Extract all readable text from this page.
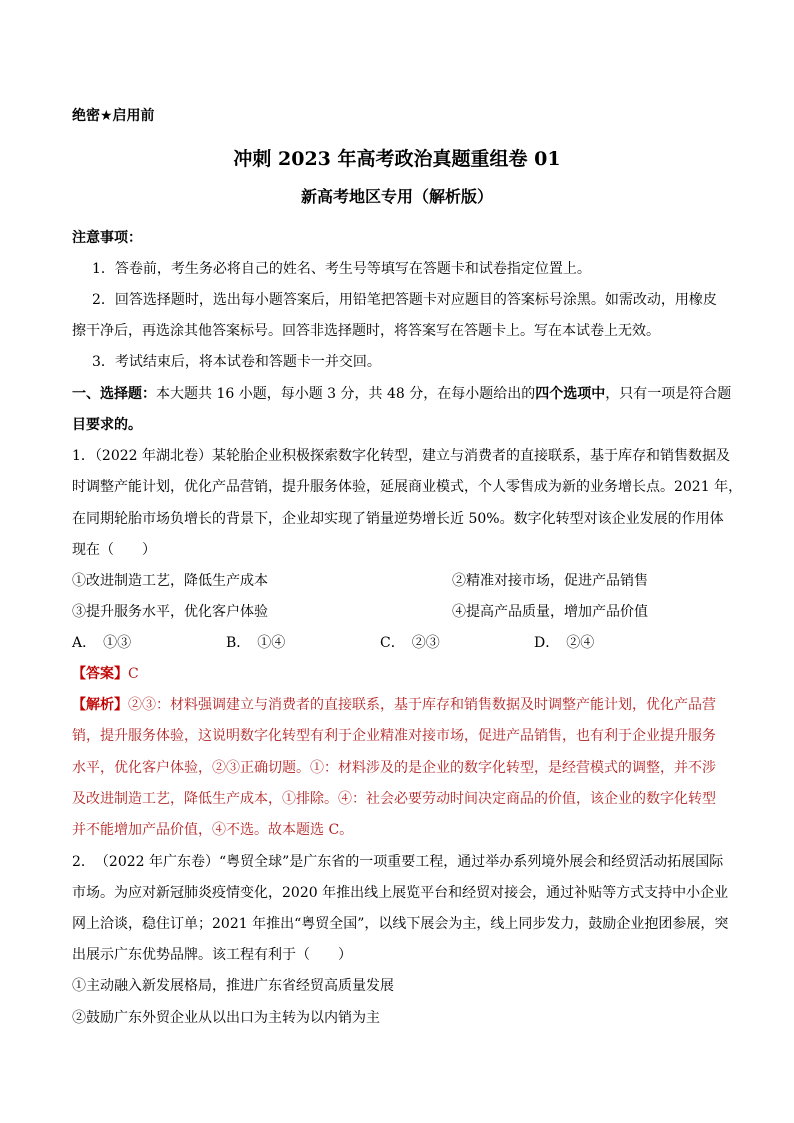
绝密★启用前
冲刺 2023 年高考政治真题重组卷 01
新高考地区专用（解析版）
注意事项：
1．答卷前，考生务必将自己的姓名、考生号等填写在答题卡和试卷指定位置上。
2．回答选择题时，选出每小题答案后，用铅笔把答题卡对应题目的答案标号涂黑。如需改动，用橡皮
擦干净后，再选涂其他答案标号。回答非选择题时，将答案写在答题卡上。写在本试卷上无效。
3．考试结束后，将本试卷和答题卡一并交回。
一、选择题：本大题共 16 小题，每小题 3 分，共 48 分，在每小题给出的四个选项中，只有一项是符合题
目要求的。
1．（2022 年湖北卷）某轮胎企业积极探索数字化转型，建立与消费者的直接联系，基于库存和销售数据及
时调整产能计划，优化产品营销，提升服务体验，延展商业模式，个人零售成为新的业务增长点。2021 年，
在同期轮胎市场负增长的背景下，企业却实现了销量逆势增长近 50%。数字化转型对该企业发展的作用体
现在（　　）
①改进制造工艺，降低生产成本	②精准对接市场，促进产品销售
③提升服务水平，优化客户体验	④提高产品质量，增加产品价值
A．　①③	B．　①④	C．　②③	D．　②④
【答案】C
【解析】②③：材料强调建立与消费者的直接联系，基于库存和销售数据及时调整产能计划，优化产品营
销，提升服务体验，这说明数字化转型有利于企业精准对接市场，促进产品销售，也有利于企业提升服务
水平，优化客户体验，②③正确切题。①：材料涉及的是企业的数字化转型，是经营模式的调整，并不涉
及改进制造工艺，降低生产成本，①排除。④：社会必要劳动时间决定商品的价值，该企业的数字化转型
并不能增加产品价值，④不选。故本题选 C。
2．　（2022 年广东卷）“粤贸全球”是广东省的一项重要工程，通过举办系列境外展会和经贸活动拓展国际
市场。为应对新冠肺炎疫情变化，2020 年推出线上展览平台和经贸对接会，通过补贴等方式支持中小企业
网上洽谈，稳住订单；2021 年推出“粤贸全国”，以线下展会为主，线上同步发力，鼓励企业抱团参展，突
出展示广东优势品牌。该工程有利于（　　）
①主动融入新发展格局，推进广东省经贸高质量发展
②鼓励广东外贸企业从以出口为主转为以内销为主
